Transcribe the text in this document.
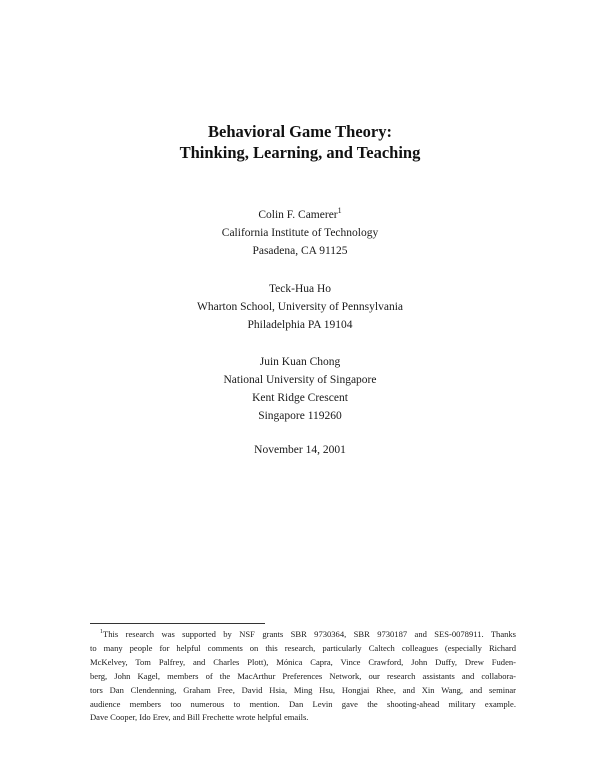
Behavioral Game Theory:
Thinking, Learning, and Teaching
Colin F. Camerer$^1$
California Institute of Technology
Pasadena, CA 91125
Teck-Hua Ho
Wharton School, University of Pennsylvania
Philadelphia PA 19104
Juin Kuan Chong
National University of Singapore
Kent Ridge Crescent
Singapore 119260
November 14, 2001
$^1$This research was supported by NSF grants SBR 9730364, SBR 9730187 and SES-0078911. Thanks
to many people for helpful comments on this research, particularly Caltech colleagues (especially Richard
McKelvey, Tom Palfrey, and Charles Plott), Mónica Capra, Vince Crawford, John Duffy, Drew Fuden-
berg, John Kagel, members of the MacArthur Preferences Network, our research assistants and collabora-
tors Dan Clendenning, Graham Free, David Hsia, Ming Hsu, Hongjai Rhee, and Xin Wang, and seminar
audience members too numerous to mention. Dan Levin gave the shooting-ahead military example.
Dave Cooper, Ido Erev, and Bill Frechette wrote helpful emails.
